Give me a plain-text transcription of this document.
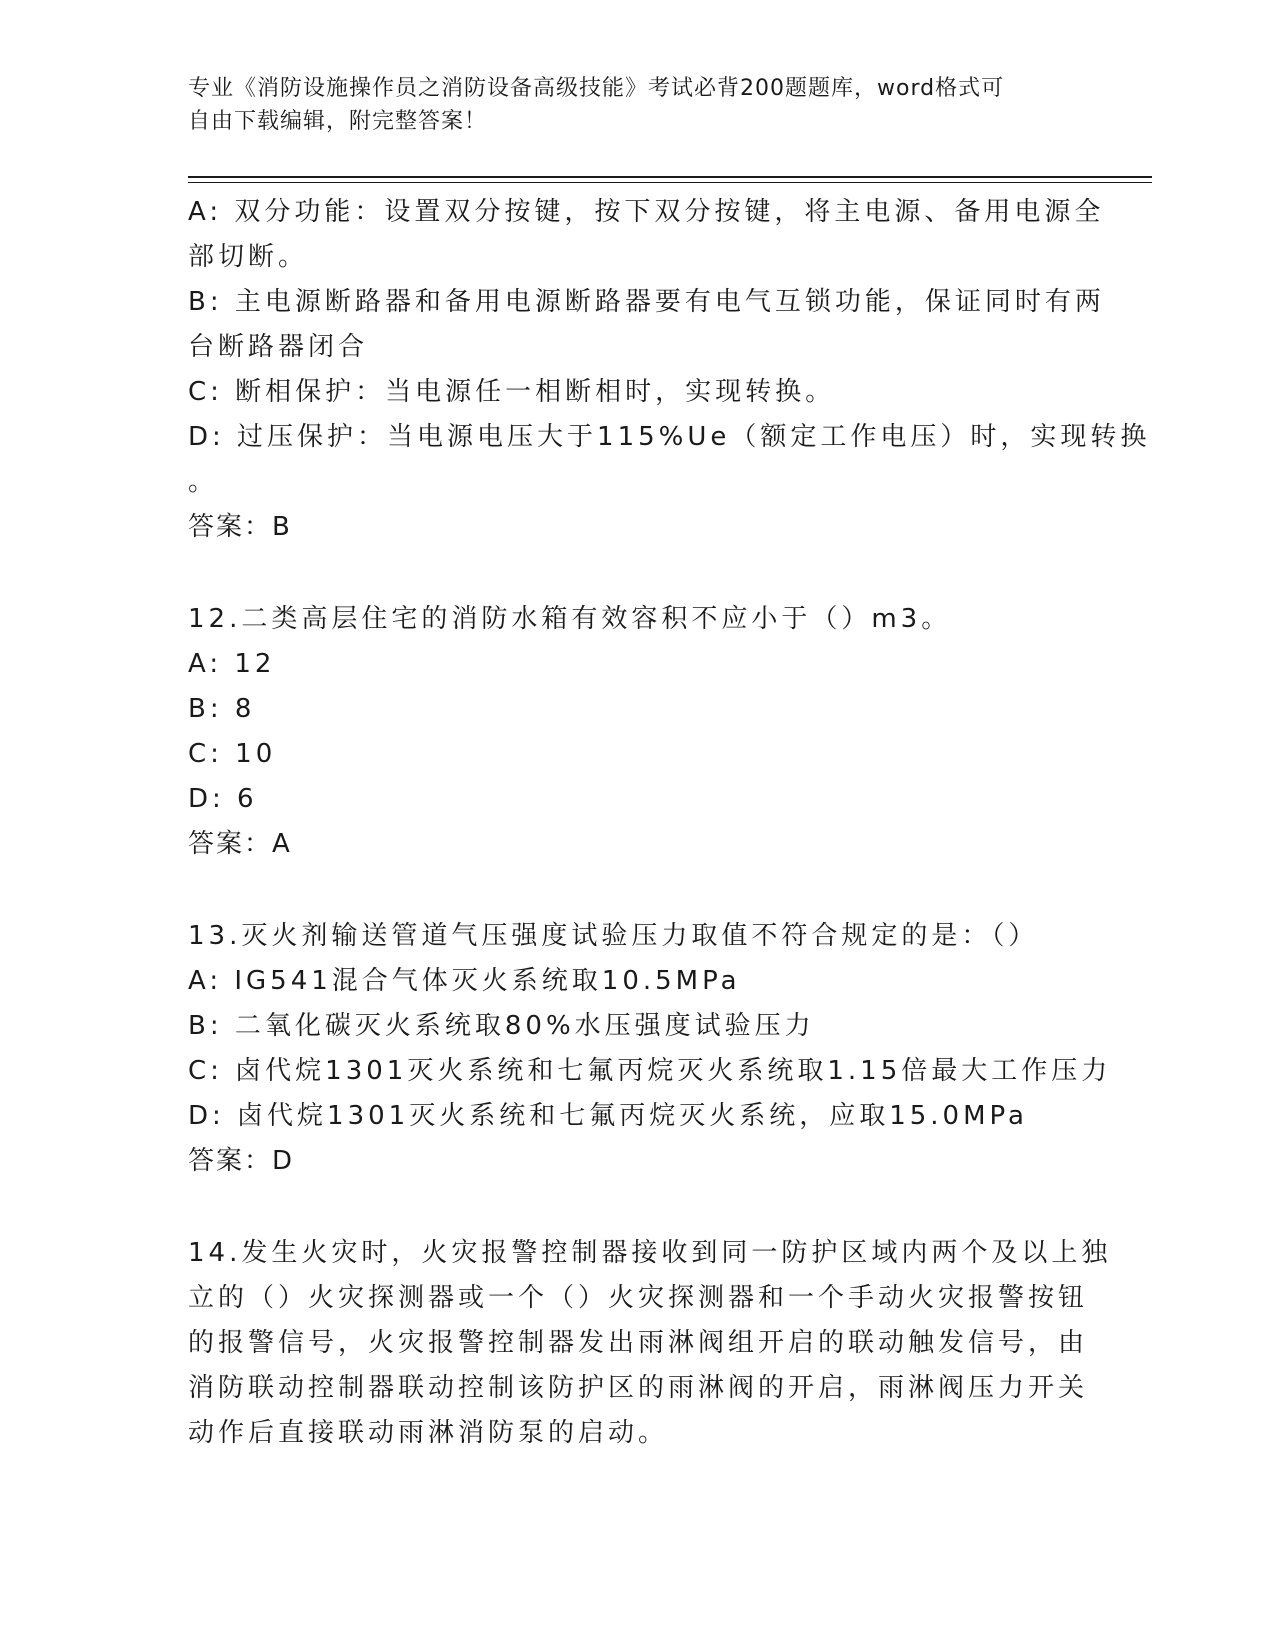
专业《消防设施操作员之消防设备高级技能》考试必背200题题库，word格式可
自由下载编辑，附完整答案！
A: 双分功能：设置双分按键，按下双分按键，将主电源、备用电源全
部切断。
B: 主电源断路器和备用电源断路器要有电气互锁功能，保证同时有两
台断路器闭合
C: 断相保护：当电源任一相断相时，实现转换。
D: 过压保护：当电源电压大于115%Ue（额定工作电压）时，实现转换
。
答案：B
12.二类高层住宅的消防水箱有效容积不应小于（）m3。
A: 12
B: 8
C: 10
D: 6
答案：A
13.灭火剂输送管道气压强度试验压力取值不符合规定的是：（）
A: IG541混合气体灭火系统取10.5MPa
B: 二氧化碳灭火系统取80%水压强度试验压力
C: 卤代烷1301灭火系统和七氟丙烷灭火系统取1.15倍最大工作压力
D: 卤代烷1301灭火系统和七氟丙烷灭火系统，应取15.0MPa
答案：D
14.发生火灾时，火灾报警控制器接收到同一防护区域内两个及以上独
立的（）火灾探测器或一个（）火灾探测器和一个手动火灾报警按钮
的报警信号，火灾报警控制器发出雨淋阀组开启的联动触发信号，由
消防联动控制器联动控制该防护区的雨淋阀的开启，雨淋阀压力开关
动作后直接联动雨淋消防泵的启动。
